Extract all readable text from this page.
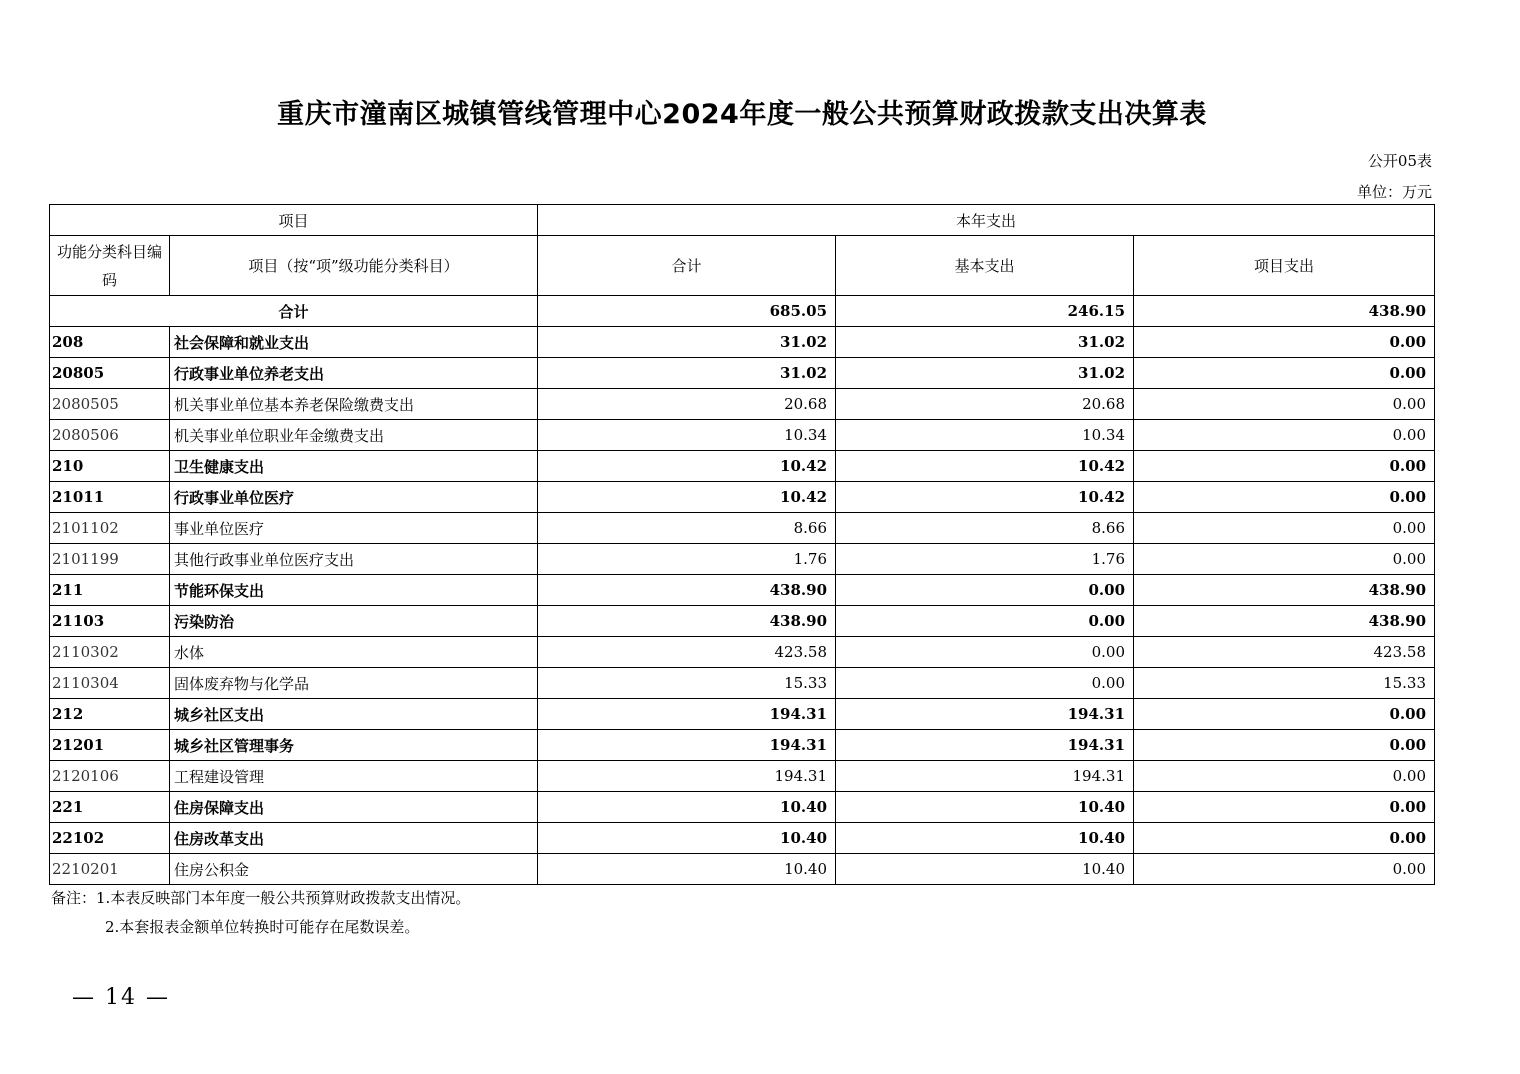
重庆市潼南区城镇管线管理中心2024年度一般公共预算财政拨款支出决算表
公开05表
单位：万元
项目		本年支出		
功能分类科目编码	项目（按“项”级功能分类科目）	合计	基本支出	项目支出
合计		685.05	246.15	438.90
208	社会保障和就业支出	31.02	31.02	0.00
20805	行政事业单位养老支出	31.02	31.02	0.00
2080505	机关事业单位基本养老保险缴费支出	20.68	20.68	0.00
2080506	机关事业单位职业年金缴费支出	10.34	10.34	0.00
210	卫生健康支出	10.42	10.42	0.00
21011	行政事业单位医疗	10.42	10.42	0.00
2101102	事业单位医疗	8.66	8.66	0.00
2101199	其他行政事业单位医疗支出	1.76	1.76	0.00
211	节能环保支出	438.90	0.00	438.90
21103	污染防治	438.90	0.00	438.90
2110302	水体	423.58	0.00	423.58
2110304	固体废弃物与化学品	15.33	0.00	15.33
212	城乡社区支出	194.31	194.31	0.00
21201	城乡社区管理事务	194.31	194.31	0.00
2120106	工程建设管理	194.31	194.31	0.00
221	住房保障支出	10.40	10.40	0.00
22102	住房改革支出	10.40	10.40	0.00
2210201	住房公积金	10.40	10.40	0.00
备注：1.本表反映部门本年度一般公共预算财政拨款支出情况。
2.本套报表金额单位转换时可能存在尾数误差。
— 14 —
